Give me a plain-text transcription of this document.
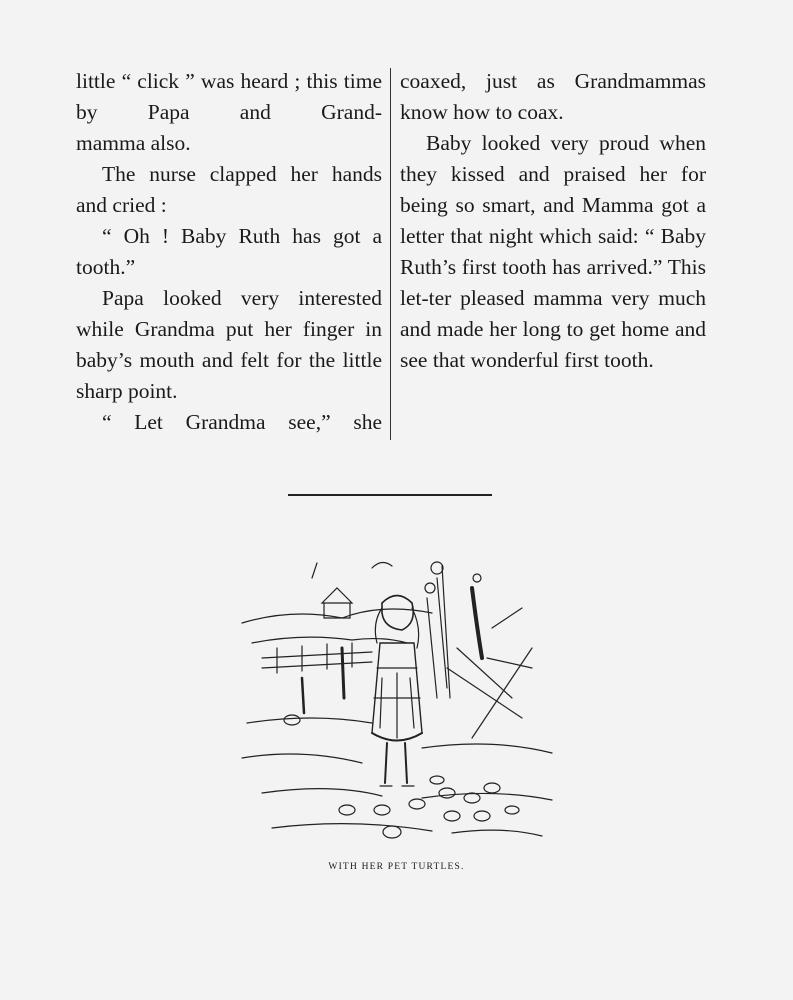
little “ click ” was heard ; this time by Papa and Grand-

mamma also.

The nurse clapped her hands and cried :

“ Oh ! Baby Ruth has got a tooth.”

Papa looked very interested while Grandma put her finger in baby’s mouth and felt for the little sharp point.

“ Let Grandma see,” she

coaxed, just as Grandmammas know how to coax.

Baby looked very proud when they kissed and praised her for being so smart, and Mamma got a letter that night which said: “ Baby Ruth’s first tooth has arrived.” This let-ter pleased mamma very much and made her long to get home and see that wonderful first tooth.

WITH HER PET TURTLES.
